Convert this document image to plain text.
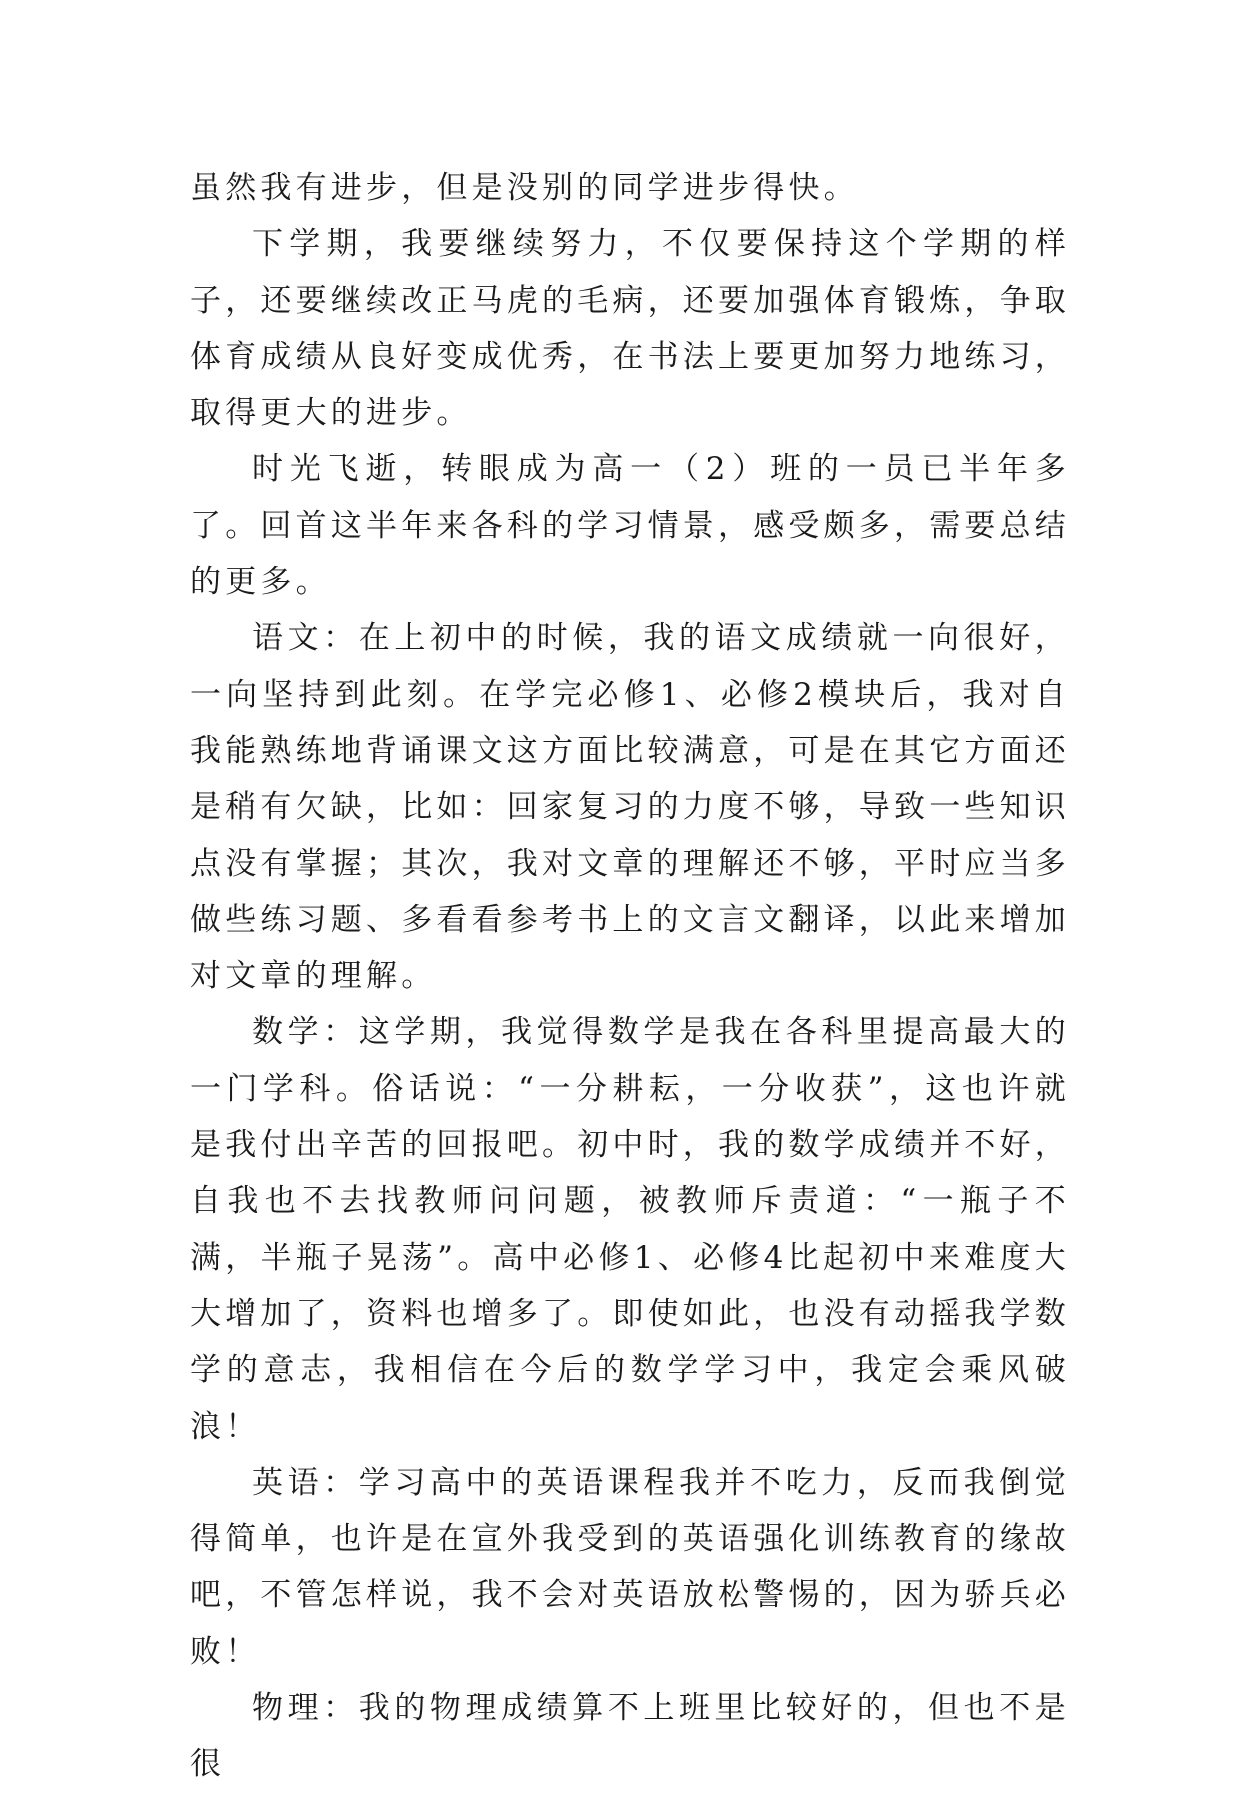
虽然我有进步，但是没别的同学进步得快。

下学期，我要继续努力，不仅要保持这个学期的样子，还要继续改正马虎的毛病，还要加强体育锻炼，争取体育成绩从良好变成优秀，在书法上要更加努力地练习，取得更大的进步。

时光飞逝，转眼成为高一（2）班的一员已半年多了。回首这半年来各科的学习情景，感受颇多，需要总结的更多。

语文：在上初中的时候，我的语文成绩就一向很好，一向坚持到此刻。在学完必修1、必修2模块后，我对自我能熟练地背诵课文这方面比较满意，可是在其它方面还是稍有欠缺，比如：回家复习的力度不够，导致一些知识点没有掌握；其次，我对文章的理解还不够，平时应当多做些练习题、多看看参考书上的文言文翻译，以此来增加对文章的理解。

数学：这学期，我觉得数学是我在各科里提高最大的一门学科。俗话说：“一分耕耘，一分收获”，这也许就是我付出辛苦的回报吧。初中时，我的数学成绩并不好，自我也不去找教师问问题，被教师斥责道：“一瓶子不满，半瓶子晃荡”。高中必修1、必修4比起初中来难度大大增加了，资料也增多了。即使如此，也没有动摇我学数学的意志，我相信在今后的数学学习中，我定会乘风破浪！

英语：学习高中的英语课程我并不吃力，反而我倒觉得简单，也许是在宣外我受到的英语强化训练教育的缘故吧，不管怎样说，我不会对英语放松警惕的，因为骄兵必败！

物理：我的物理成绩算不上班里比较好的，但也不是很
